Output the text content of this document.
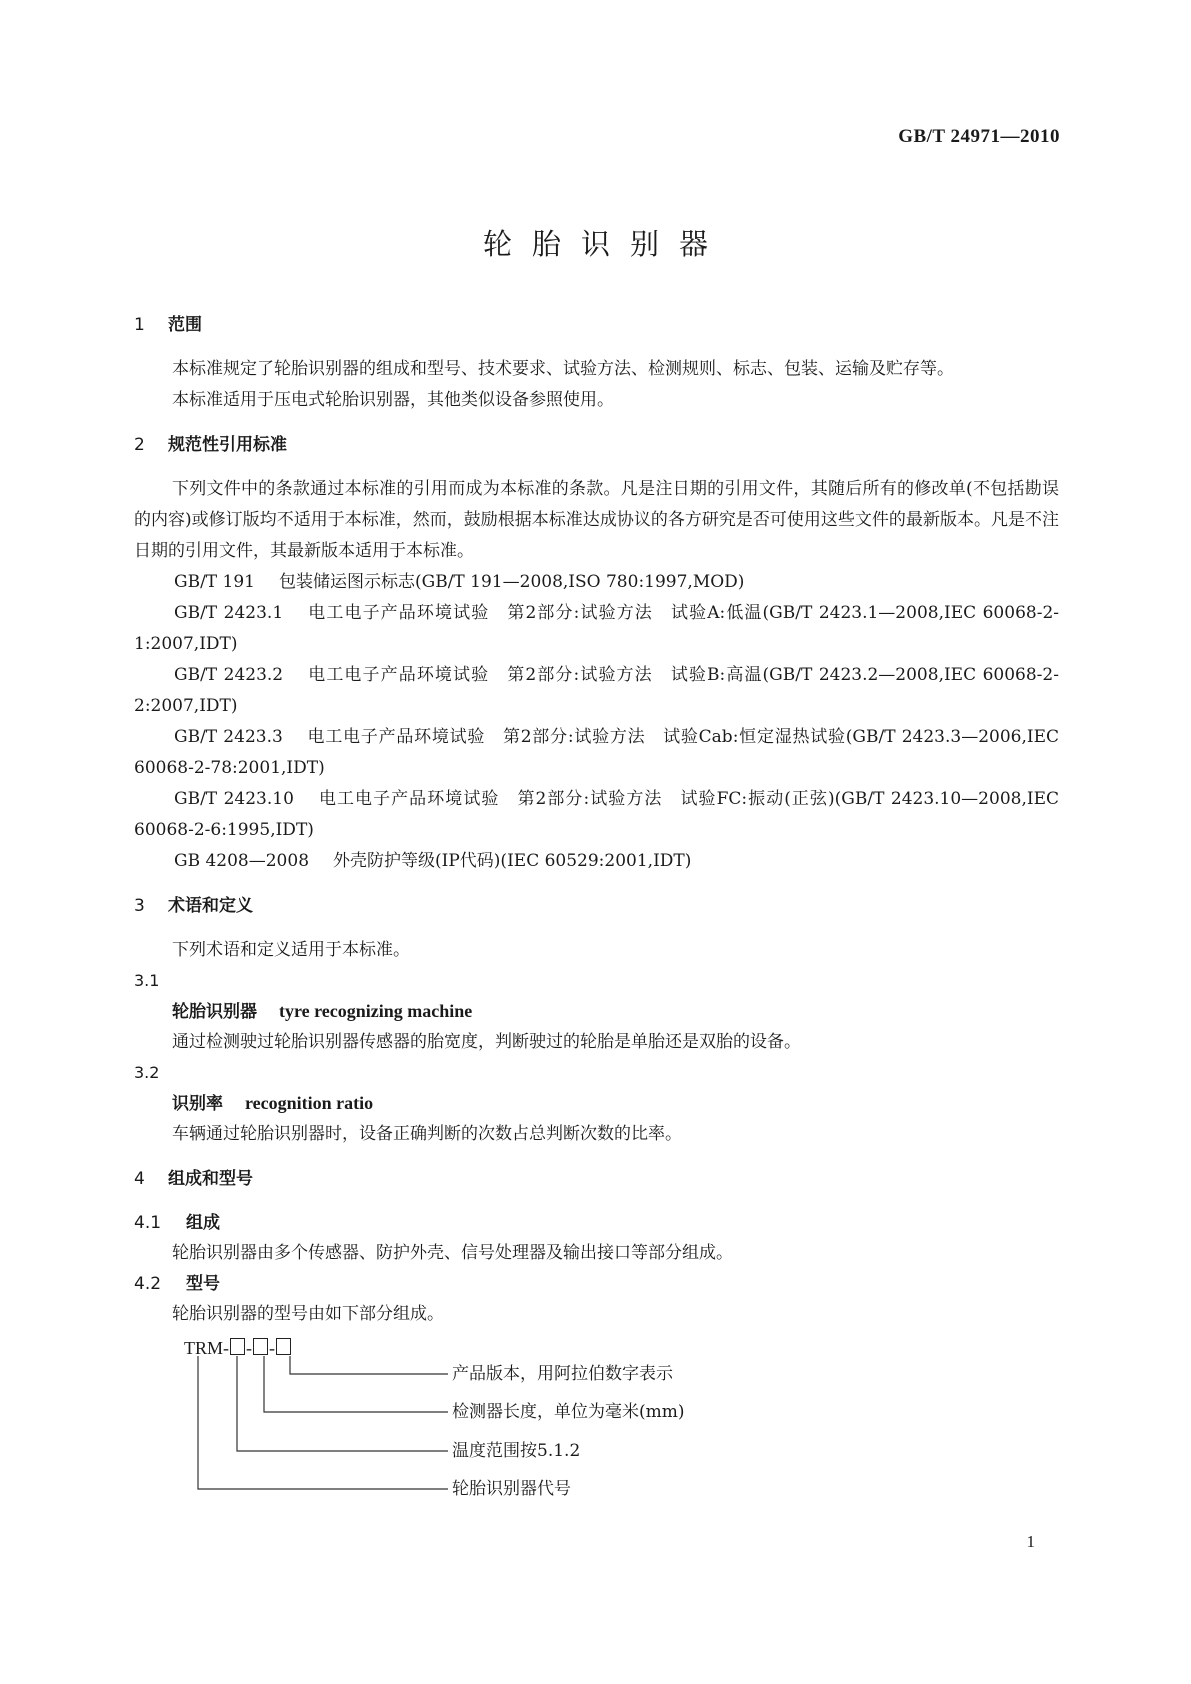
GB/T 24971—2010
轮胎识别器
1 范围

本标准规定了轮胎识别器的组成和型号、技术要求、试验方法、检测规则、标志、包装、运输及贮存等。

本标准适用于压电式轮胎识别器，其他类似设备参照使用。

2 规范性引用标准

下列文件中的条款通过本标准的引用而成为本标准的条款。凡是注日期的引用文件，其随后所有的修改单(不包括勘误的内容)或修订版均不适用于本标准，然而，鼓励根据本标准达成协议的各方研究是否可使用这些文件的最新版本。凡是不注日期的引用文件，其最新版本适用于本标准。

GB/T 191 包装储运图示标志(GB/T 191—2008,ISO 780:1997,MOD)

GB/T 2423.1 电工电子产品环境试验　第2部分:试验方法　试验A:低温(GB/T 2423.1—2008,IEC 60068-2-1:2007,IDT)

GB/T 2423.2 电工电子产品环境试验　第2部分:试验方法　试验B:高温(GB/T 2423.2—2008,IEC 60068-2-2:2007,IDT)

GB/T 2423.3 电工电子产品环境试验　第2部分:试验方法　试验Cab:恒定湿热试验(GB/T 2423.3—2006,IEC 60068-2-78:2001,IDT)

GB/T 2423.10 电工电子产品环境试验　第2部分:试验方法　试验FC:振动(正弦)(GB/T 2423.10—2008,IEC 60068-2-6:1995,IDT)

GB 4208—2008 外壳防护等级(IP代码)(IEC 60529:2001,IDT)

3 术语和定义

下列术语和定义适用于本标准。

3.1
轮胎识别器 tyre recognizing machine

通过检测驶过轮胎识别器传感器的胎宽度，判断驶过的轮胎是单胎还是双胎的设备。

3.2
识别率 recognition ratio

车辆通过轮胎识别器时，设备正确判断的次数占总判断次数的比率。

4 组成和型号
4.1 组成

轮胎识别器由多个传感器、防护外壳、信号处理器及输出接口等部分组成。

4.2 型号

轮胎识别器的型号由如下部分组成。

TRM- - -
产品版本，用阿拉伯数字表示
检测器长度，单位为毫米(mm)
温度范围按5.1.2
轮胎识别器代号
1
